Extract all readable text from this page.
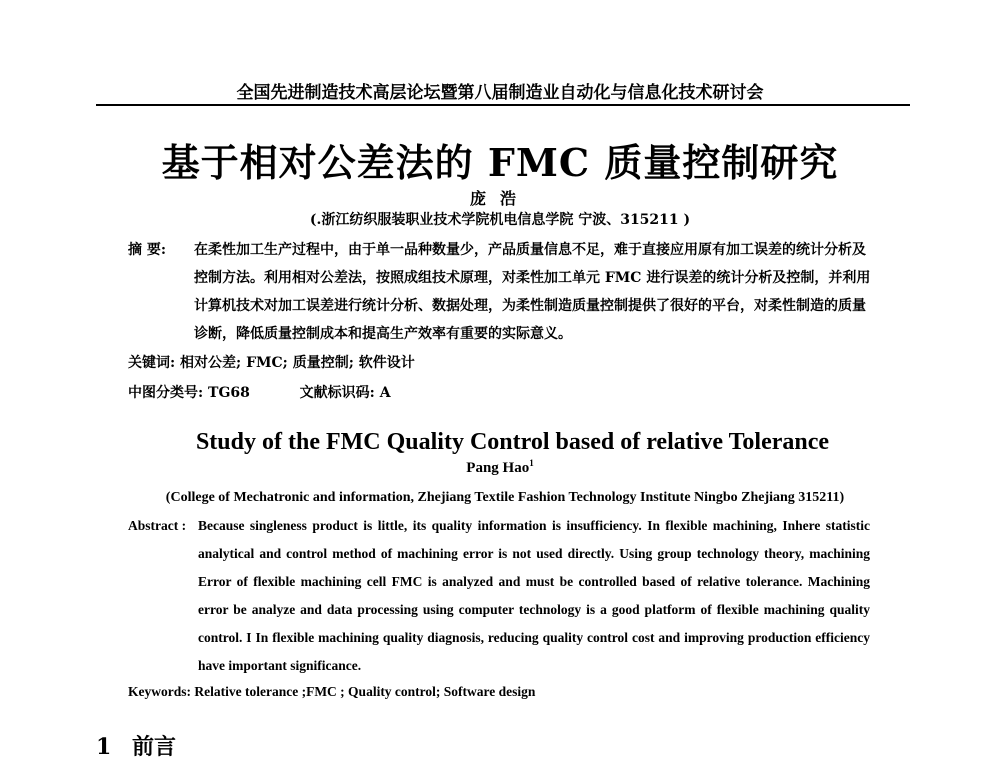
全国先进制造技术高层论坛暨第八届制造业自动化与信息化技术研讨会
基于相对公差法的 FMC 质量控制研究
庞浩
(.浙江纺织服装职业技术学院机电信息学院 宁波、315211 )
摘 要: 在柔性加工生产过程中，由于单一品种数量少，产品质量信息不足，难于直接应用原有加工误差的统计分析及控制方法。利用相对公差法，按照成组技术原理，对柔性加工单元 FMC 进行误差的统计分析及控制，并利用计算机技术对加工误差进行统计分析、数据处理，为柔性制造质量控制提供了很好的平台，对柔性制造的质量诊断，降低质量控制成本和提高生产效率有重要的实际意义。
关键词: 相对公差; FMC; 质量控制; 软件设计
中图分类号: TG68	文献标识码: A
Study of the FMC Quality Control based of relative Tolerance
Pang Hao$^1$
(College of Mechatronic and information, Zhejiang Textile Fashion Technology Institute Ningbo Zhejiang 315211)
Abstract : Because singleness product is little, its quality information is insufficiency. In flexible machining, Inhere statistic analytical and control method of machining error is not used directly. Using group technology theory, machining Error of flexible machining cell FMC is analyzed and must be controlled based of relative tolerance. Machining error be analyze and data processing using computer technology is a good platform of flexible machining quality control. I In flexible machining quality diagnosis, reducing quality control cost and improving production efficiency have important significance.
Keywords: Relative tolerance ;FMC ; Quality control; Software design
1 前言
